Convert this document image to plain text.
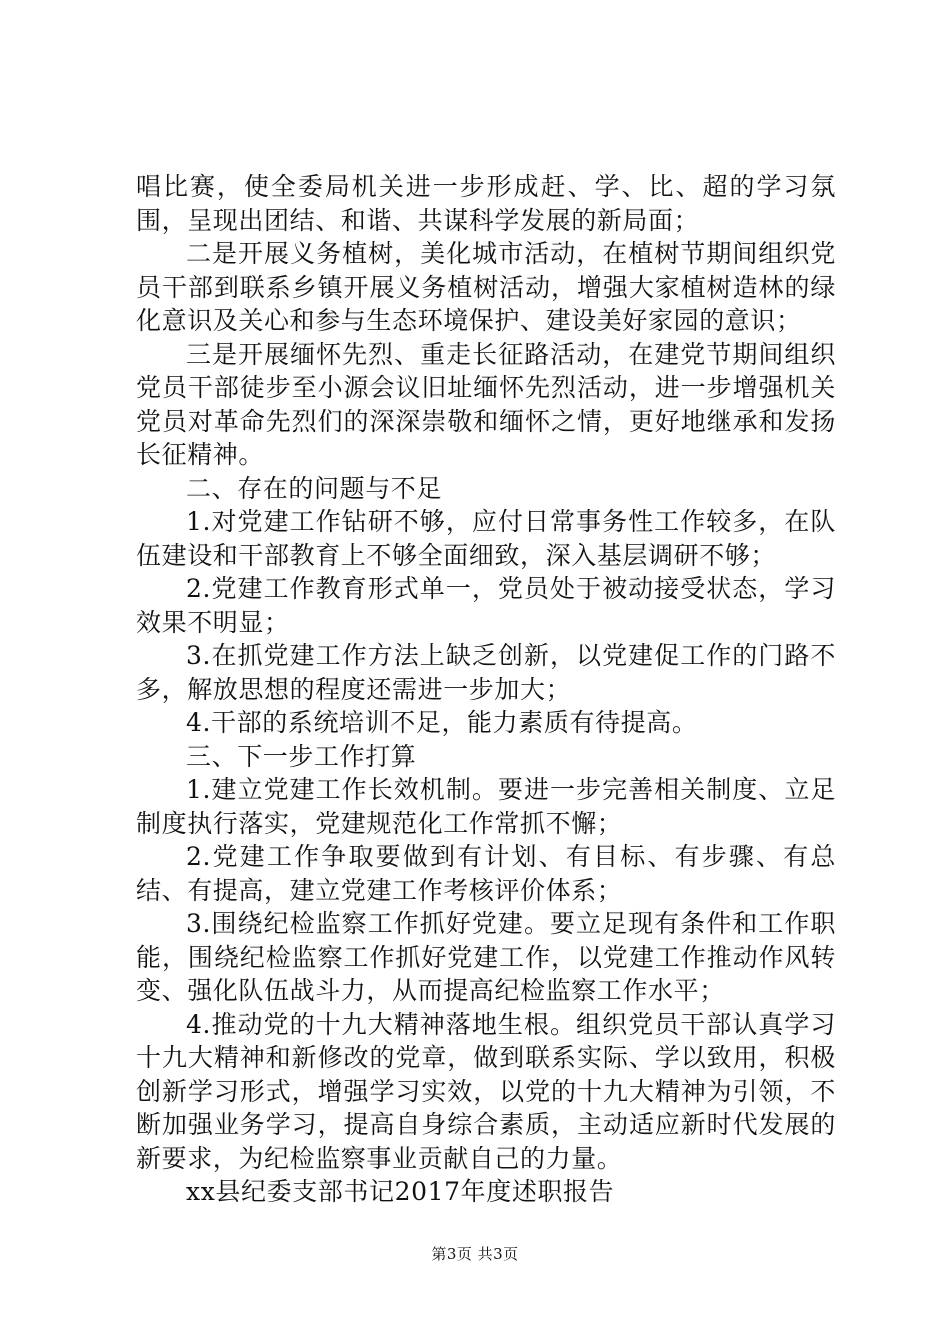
唱比赛，使全委局机关进一步形成赶、学、比、超的学习氛围，呈现出团结、和谐、共谋科学发展的新局面；

二是开展义务植树，美化城市活动，在植树节期间组织党员干部到联系乡镇开展义务植树活动，增强大家植树造林的绿化意识及关心和参与生态环境保护、建设美好家园的意识；

三是开展缅怀先烈、重走长征路活动，在建党节期间组织党员干部徒步至小源会议旧址缅怀先烈活动，进一步增强机关党员对革命先烈们的深深崇敬和缅怀之情，更好地继承和发扬长征精神。

二、存在的问题与不足

1.对党建工作钻研不够，应付日常事务性工作较多，在队伍建设和干部教育上不够全面细致，深入基层调研不够；

2.党建工作教育形式单一，党员处于被动接受状态，学习效果不明显；

3.在抓党建工作方法上缺乏创新，以党建促工作的门路不多，解放思想的程度还需进一步加大；

4.干部的系统培训不足，能力素质有待提高。

三、下一步工作打算

1.建立党建工作长效机制。要进一步完善相关制度、立足制度执行落实，党建规范化工作常抓不懈；

2.党建工作争取要做到有计划、有目标、有步骤、有总结、有提高，建立党建工作考核评价体系；

3.围绕纪检监察工作抓好党建。要立足现有条件和工作职能，围绕纪检监察工作抓好党建工作，以党建工作推动作风转变、强化队伍战斗力，从而提高纪检监察工作水平；

4.推动党的十九大精神落地生根。组织党员干部认真学习十九大精神和新修改的党章，做到联系实际、学以致用，积极创新学习形式，增强学习实效，以党的十九大精神为引领，不断加强业务学习，提高自身综合素质，主动适应新时代发展的新要求，为纪检监察事业贡献自己的力量。

xx县纪委支部书记2017年度述职报告

第3页 共3页
